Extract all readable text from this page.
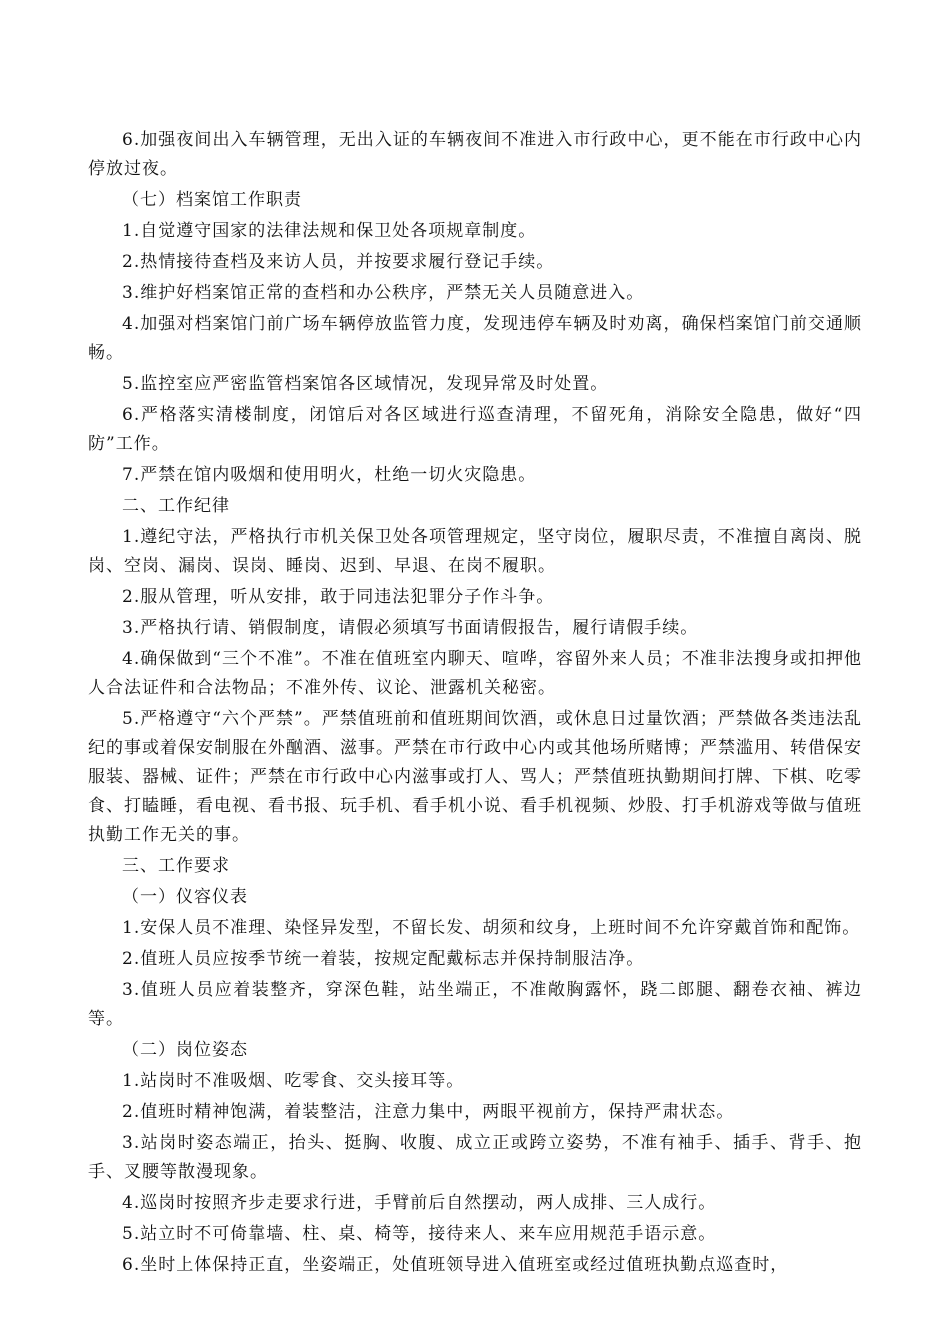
6.加强夜间出入车辆管理，无出入证的车辆夜间不准进入市行政中心，更不能在市行政中心内停放过夜。

（七）档案馆工作职责

1.自觉遵守国家的法律法规和保卫处各项规章制度。

2.热情接待查档及来访人员，并按要求履行登记手续。

3.维护好档案馆正常的查档和办公秩序，严禁无关人员随意进入。

4.加强对档案馆门前广场车辆停放监管力度，发现违停车辆及时劝离，确保档案馆门前交通顺畅。

5.监控室应严密监管档案馆各区域情况，发现异常及时处置。

6.严格落实清楼制度，闭馆后对各区域进行巡查清理，不留死角，消除安全隐患，做好“四防”工作。

7.严禁在馆内吸烟和使用明火，杜绝一切火灾隐患。

二、工作纪律

1.遵纪守法，严格执行市机关保卫处各项管理规定，坚守岗位，履职尽责，不准擅自离岗、脱岗、空岗、漏岗、误岗、睡岗、迟到、早退、在岗不履职。

2.服从管理，听从安排，敢于同违法犯罪分子作斗争。

3.严格执行请、销假制度，请假必须填写书面请假报告，履行请假手续。

4.确保做到“三个不准”。不准在值班室内聊天、喧哗，容留外来人员；不准非法搜身或扣押他人合法证件和合法物品；不准外传、议论、泄露机关秘密。

5.严格遵守“六个严禁”。严禁值班前和值班期间饮酒，或休息日过量饮酒；严禁做各类违法乱纪的事或着保安制服在外酗酒、滋事。严禁在市行政中心内或其他场所赌博；严禁滥用、转借保安服装、器械、证件；严禁在市行政中心内滋事或打人、骂人；严禁值班执勤期间打牌、下棋、吃零食、打瞌睡，看电视、看书报、玩手机、看手机小说、看手机视频、炒股、打手机游戏等做与值班执勤工作无关的事。

三、工作要求

（一）仪容仪表

1.安保人员不准理、染怪异发型，不留长发、胡须和纹身，上班时间不允许穿戴首饰和配饰。

2.值班人员应按季节统一着装，按规定配戴标志并保持制服洁净。

3.值班人员应着装整齐，穿深色鞋，站坐端正，不准敞胸露怀，跷二郎腿、翻卷衣袖、裤边等。

（二）岗位姿态

1.站岗时不准吸烟、吃零食、交头接耳等。

2.值班时精神饱满，着装整洁，注意力集中，两眼平视前方，保持严肃状态。

3.站岗时姿态端正，抬头、挺胸、收腹、成立正或跨立姿势，不准有袖手、插手、背手、抱手、叉腰等散漫现象。

4.巡岗时按照齐步走要求行进，手臂前后自然摆动，两人成排、三人成行。

5.站立时不可倚靠墙、柱、桌、椅等，接待来人、来车应用规范手语示意。

6.坐时上体保持正直，坐姿端正，处值班领导进入值班室或经过值班执勤点巡查时，
